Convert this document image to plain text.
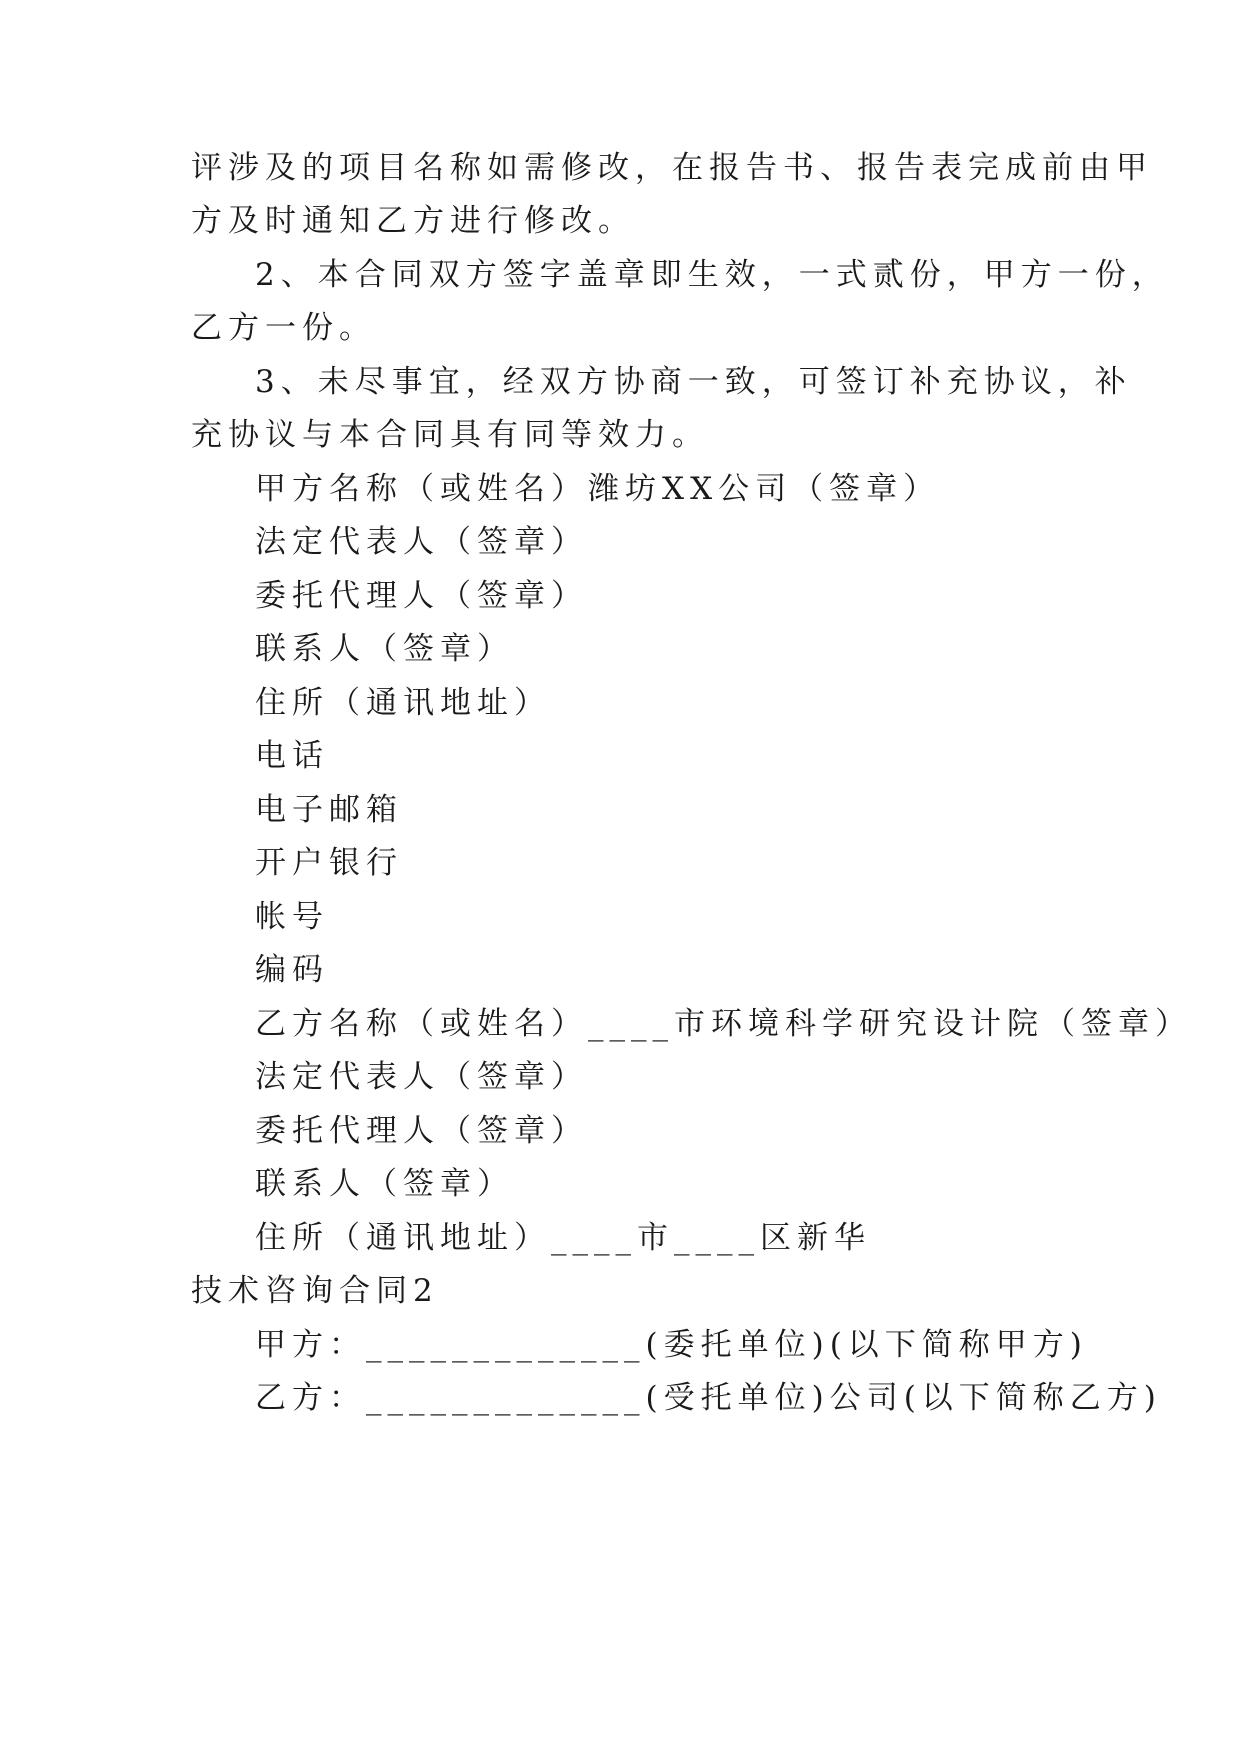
评涉及的项目名称如需修改，在报告书、报告表完成前由甲
方及时通知乙方进行修改。
2、本合同双方签字盖章即生效，一式贰份，甲方一份，
乙方一份。
3、未尽事宜，经双方协商一致，可签订补充协议，补
充协议与本合同具有同等效力。
甲方名称（或姓名）潍坊XX公司（签章）
法定代表人（签章）
委托代理人（签章）
联系人（签章）
住所（通讯地址）
电话
电子邮箱
开户银行
帐号
编码
乙方名称（或姓名）____市环境科学研究设计院（签章）
法定代表人（签章）
委托代理人（签章）
联系人（签章）
住所（通讯地址）____市____区新华
技术咨询合同2
甲方：_____________(委托单位)(以下简称甲方)
乙方：_____________(受托单位)公司(以下简称乙方)
